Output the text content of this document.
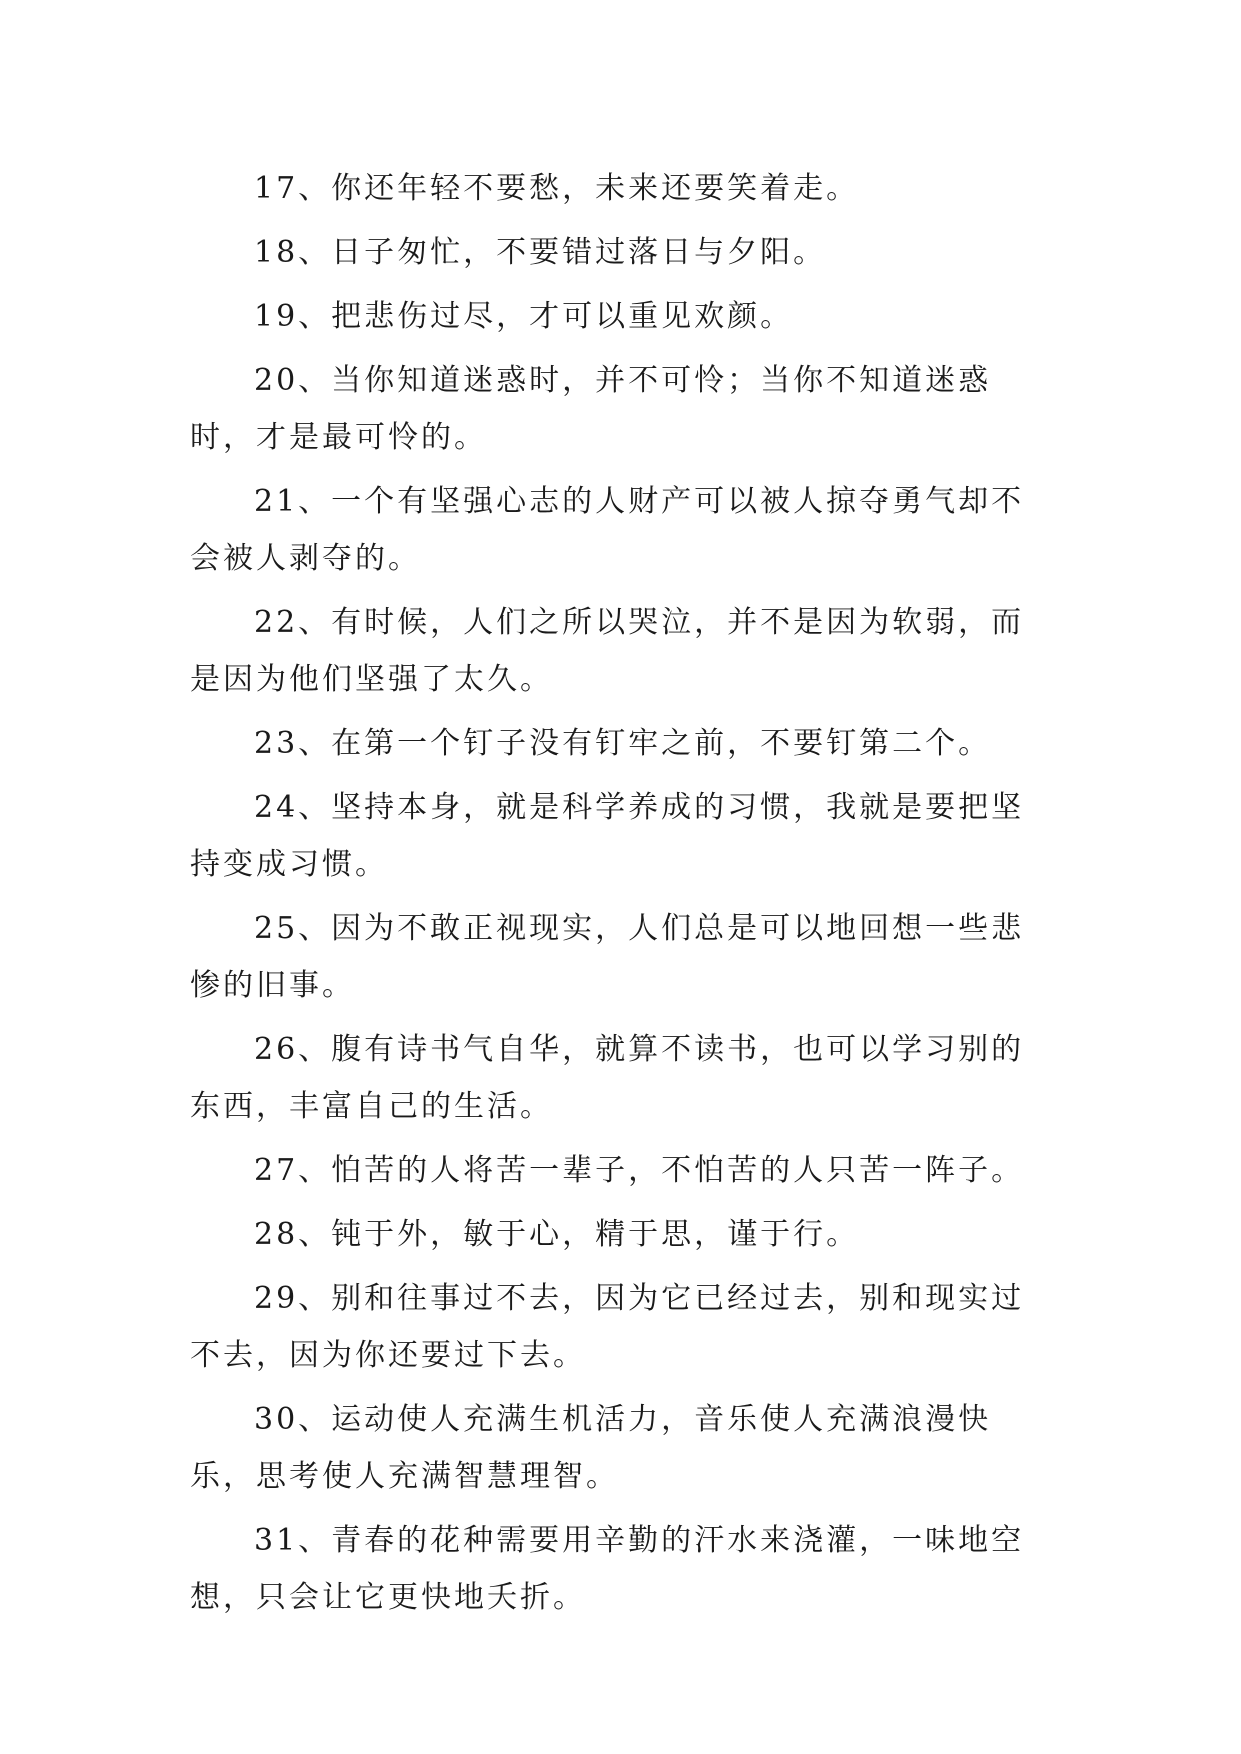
17、你还年轻不要愁，未来还要笑着走。

18、日子匆忙，不要错过落日与夕阳。

19、把悲伤过尽，才可以重见欢颜。

20、当你知道迷惑时，并不可怜；当你不知道迷惑时，才是最可怜的。

21、一个有坚强心志的人财产可以被人掠夺勇气却不会被人剥夺的。

22、有时候，人们之所以哭泣，并不是因为软弱，而是因为他们坚强了太久。

23、在第一个钉子没有钉牢之前，不要钉第二个。

24、坚持本身，就是科学养成的习惯，我就是要把坚持变成习惯。

25、因为不敢正视现实，人们总是可以地回想一些悲惨的旧事。

26、腹有诗书气自华，就算不读书，也可以学习别的东西，丰富自己的生活。

27、怕苦的人将苦一辈子，不怕苦的人只苦一阵子。

28、钝于外，敏于心，精于思，谨于行。

29、别和往事过不去，因为它已经过去，别和现实过不去，因为你还要过下去。

30、运动使人充满生机活力，音乐使人充满浪漫快乐，思考使人充满智慧理智。

31、青春的花种需要用辛勤的汗水来浇灌，一味地空想，只会让它更快地夭折。
